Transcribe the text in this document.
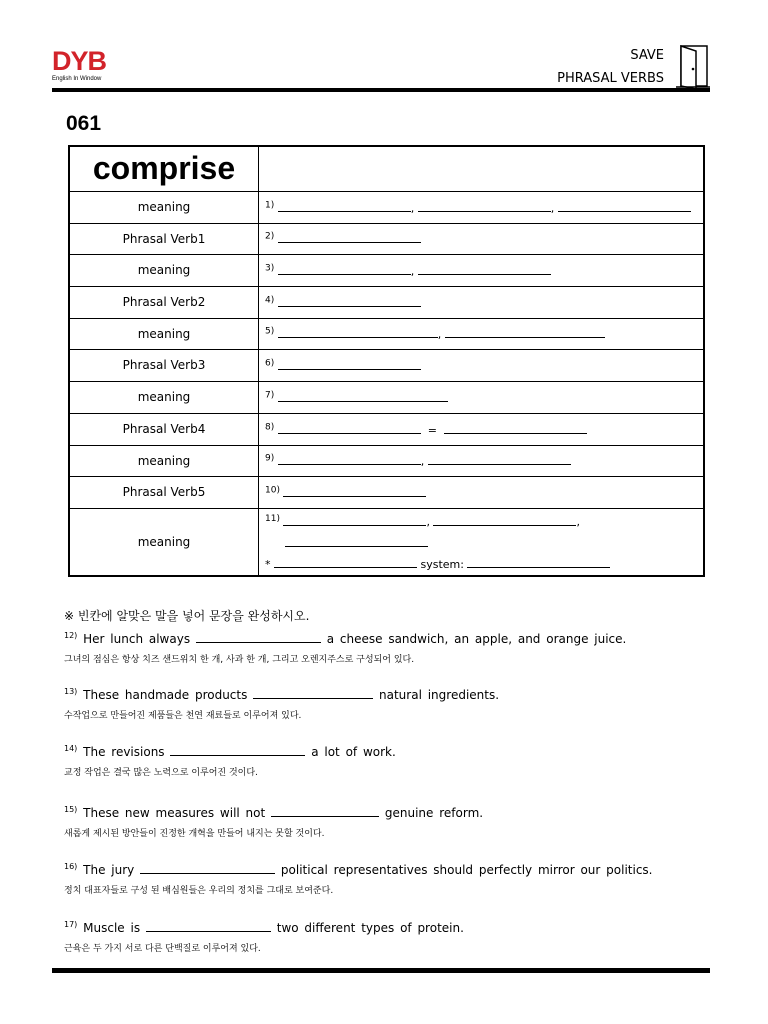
DYB
English In Window
SAVE
PHRASAL VERBS
061
comprise	
meaning	$^{1)}$ , ,
Phrasal Verb1	$^{2)}$
meaning	$^{3)}$ ,
Phrasal Verb2	$^{4)}$
meaning	$^{5)}$ ,
Phrasal Verb3	$^{6)}$
meaning	$^{7)}$
Phrasal Verb4	$^{8)}$ =
meaning	$^{9)}$ ,
Phrasal Verb5	$^{10)}$
meaning	$^{11)}$ , ,
* system:
※ 빈칸에 알맞은 말을 넣어 문장을 완성하시오.
$^{12)}$ Her lunch always	a cheese sandwich, an apple, and orange juice.
그녀의 점심은 항상 치즈 샌드위치 한 개, 사과 한 개, 그리고 오렌지주스로 구성되어 있다.
$^{13)}$ These handmade products	natural ingredients.
수작업으로 만들어진 제품들은 천연 재료들로 이루어져 있다.
$^{14)}$ The revisions	a lot of work.
교정 작업은 결국 많은 노력으로 이루어진 것이다.
$^{15)}$ These new measures will not	genuine reform.
새롭게 제시된 방안들이 진정한 개혁을 만들어 내지는 못할 것이다.
$^{16)}$ The jury	political representatives should perfectly mirror our politics.
정치 대표자들로 구성 된 배심원들은 우리의 정치를 그대로 보여준다.
$^{17)}$ Muscle is	two different types of protein.
근육은 두 가지 서로 다른 단백질로 이루어져 있다.
